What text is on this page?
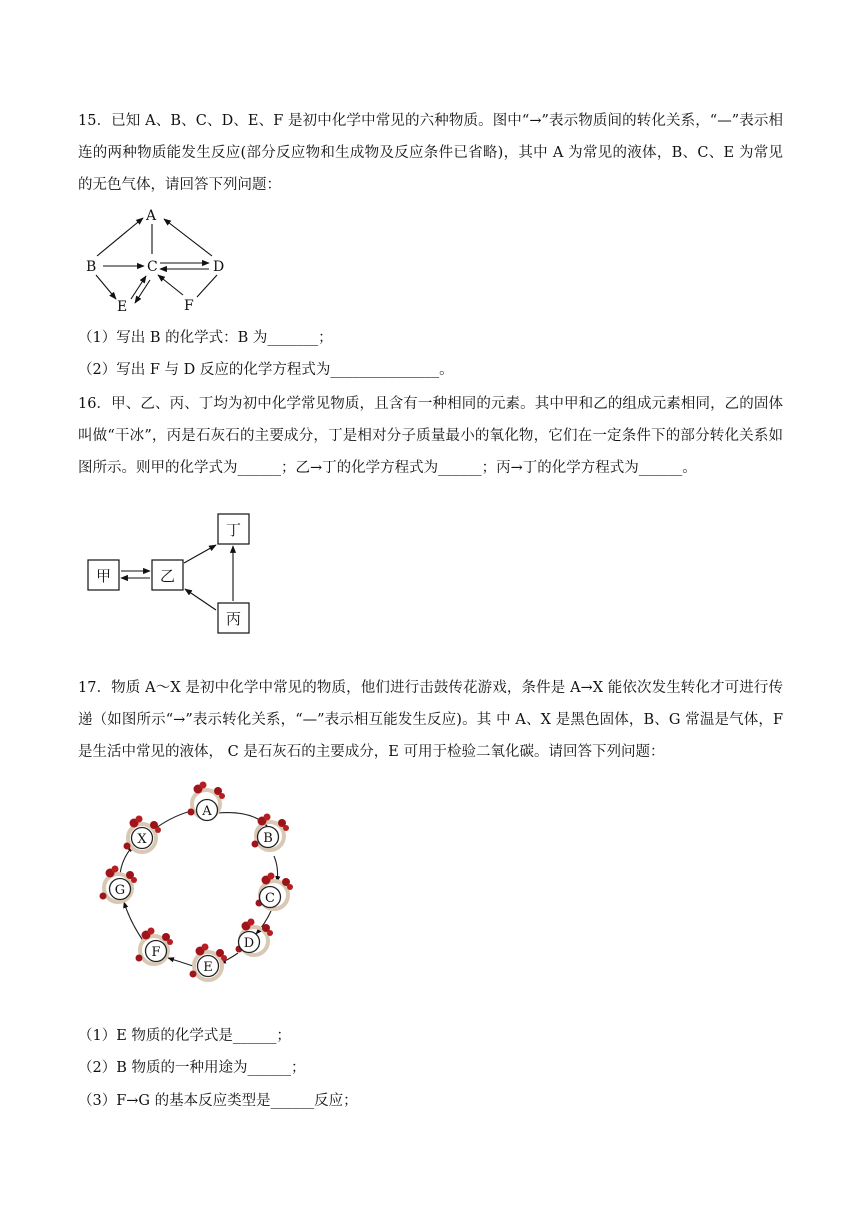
15．已知 A、B、C、D、E、F 是初中化学中常见的六种物质。图中“→”表示物质间的转化关系，“—”表示相连的两种物质能发生反应(部分反应物和生成物及反应条件已省略)，其中 A 为常见的液体，B、C、E 为常见的无色气体，请回答下列问题：
A
B	C	D
E	F
（1）写出 B 的化学式：B 为_______；
（2）写出 F 与 D 反应的化学方程式为_______________。
16．甲、乙、丙、丁均为初中化学常见物质，且含有一种相同的元素。其中甲和乙的组成元素相同，乙的固体叫做“干冰”，丙是石灰石的主要成分，丁是相对分子质量最小的氧化物，它们在一定条件下的部分转化关系如图所示。则甲的化学式为______；乙→丁的化学方程式为______；丙→丁的化学方程式为______。
甲	乙
丙
丁
17．物质 A～X 是初中化学中常见的物质，他们进行击鼓传花游戏，条件是 A→X 能依次发生转化才可进行传递（如图所示“→”表示转化关系，“—”表示相互能发生反应)。其 中 A、X 是黑色固体，B、G 常温是气体，F 是生活中常见的液体， C 是石灰石的主要成分，E 可用于检验二氧化碳。请回答下列问题：
A
B
C
D
E
F
G
X
（1）E 物质的化学式是______；
（2）B 物质的一种用途为______；
（3）F→G 的基本反应类型是______反应；
